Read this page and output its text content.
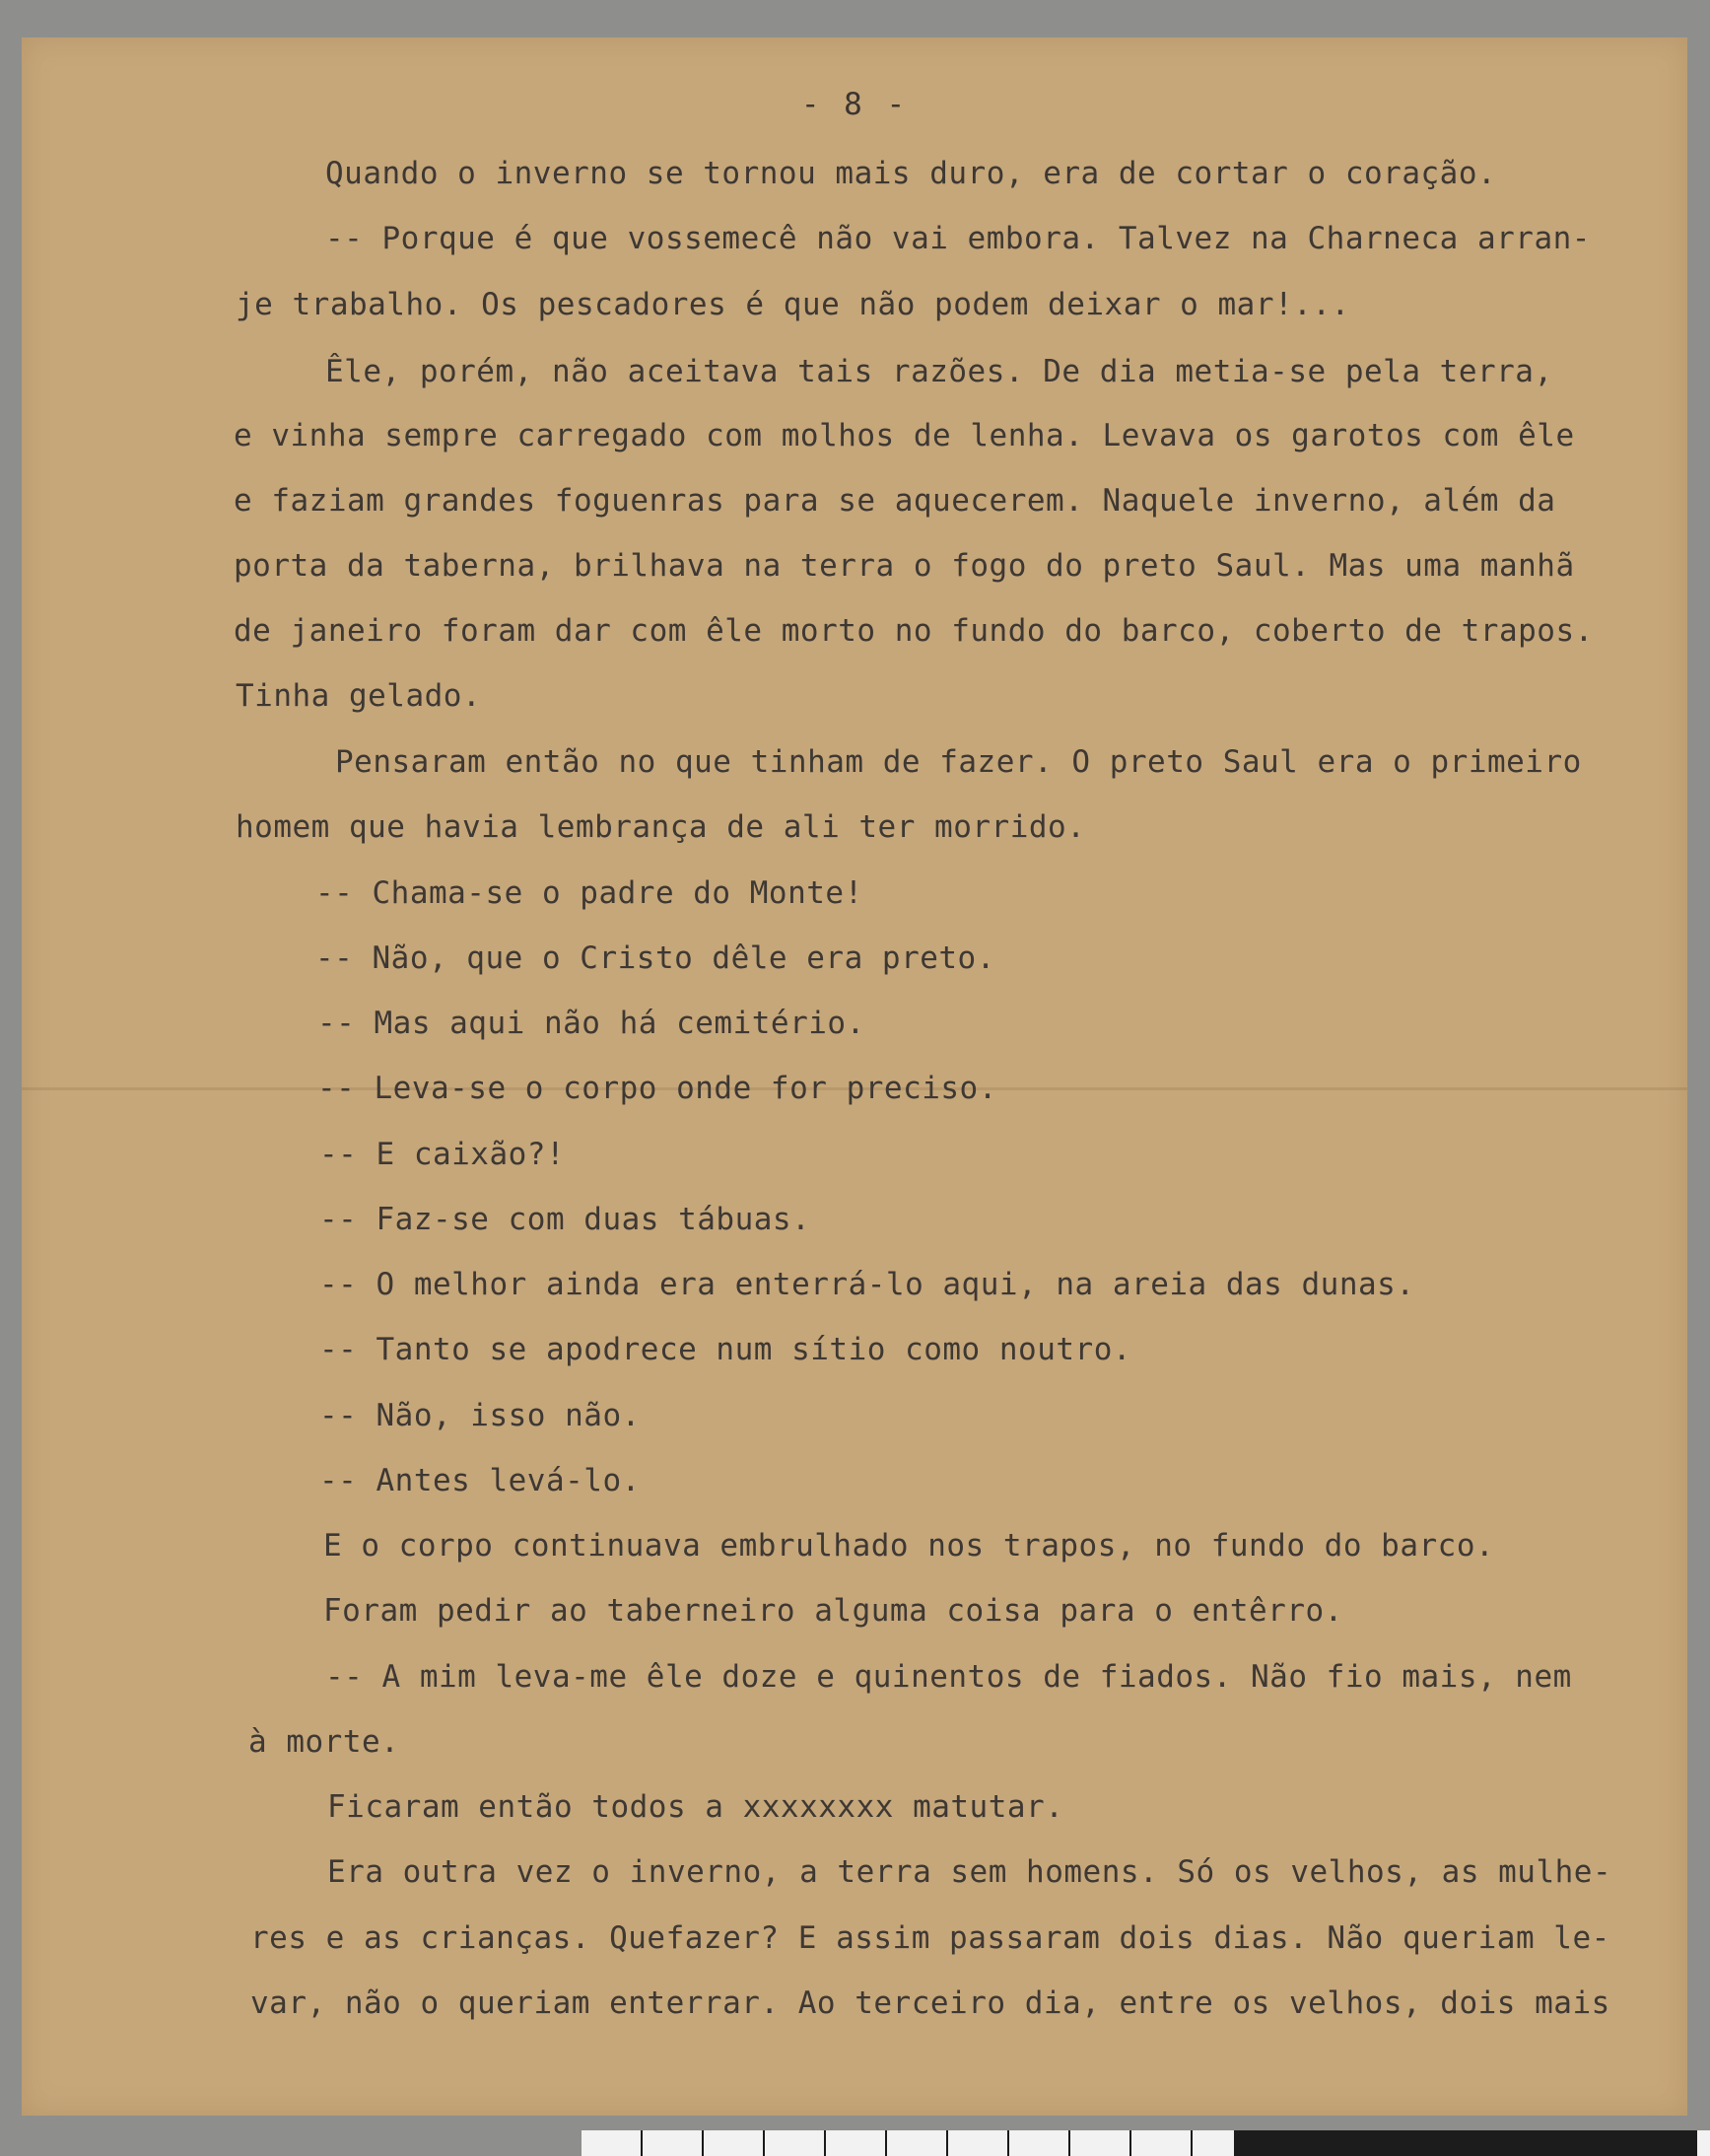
- 8 -
Quando o inverno se tornou mais duro, era de cortar o coração.
-- Porque é que vossemecê não vai embora. Talvez na Charneca arran-
je trabalho. Os pescadores é que não podem deixar o mar!...
Êle, porém, não aceitava tais razões. De dia metia-se pela terra,
e vinha sempre carregado com molhos de lenha. Levava os garotos com êle
e faziam grandes foguenras para se aquecerem. Naquele inverno, além da
porta da taberna, brilhava na terra o fogo do preto Saul. Mas uma manhã
de janeiro foram dar com êle morto no fundo do barco, coberto de trapos.
Tinha gelado.
Pensaram então no que tinham de fazer. O preto Saul era o primeiro
homem que havia lembrança de ali ter morrido.
-- Chama-se o padre do Monte!
-- Não, que o Cristo dêle era preto.
-- Mas aqui não há cemitério.
-- Leva-se o corpo onde for preciso.
-- E caixão?!
-- Faz-se com duas tábuas.
-- O melhor ainda era enterrá-lo aqui, na areia das dunas.
-- Tanto se apodrece num sítio como noutro.
-- Não, isso não.
-- Antes levá-lo.
E o corpo continuava embrulhado nos trapos, no fundo do barco.
Foram pedir ao taberneiro alguma coisa para o entêrro.
-- A mim leva-me êle doze e quinentos de fiados. Não fio mais, nem
à morte.
Ficaram então todos a xxxxxxxx matutar.
Era outra vez o inverno, a terra sem homens. Só os velhos, as mulhe-
res e as crianças. Quefazer? E assim passaram dois dias. Não queriam le-
var, não o queriam enterrar. Ao terceiro dia, entre os velhos, dois mais
